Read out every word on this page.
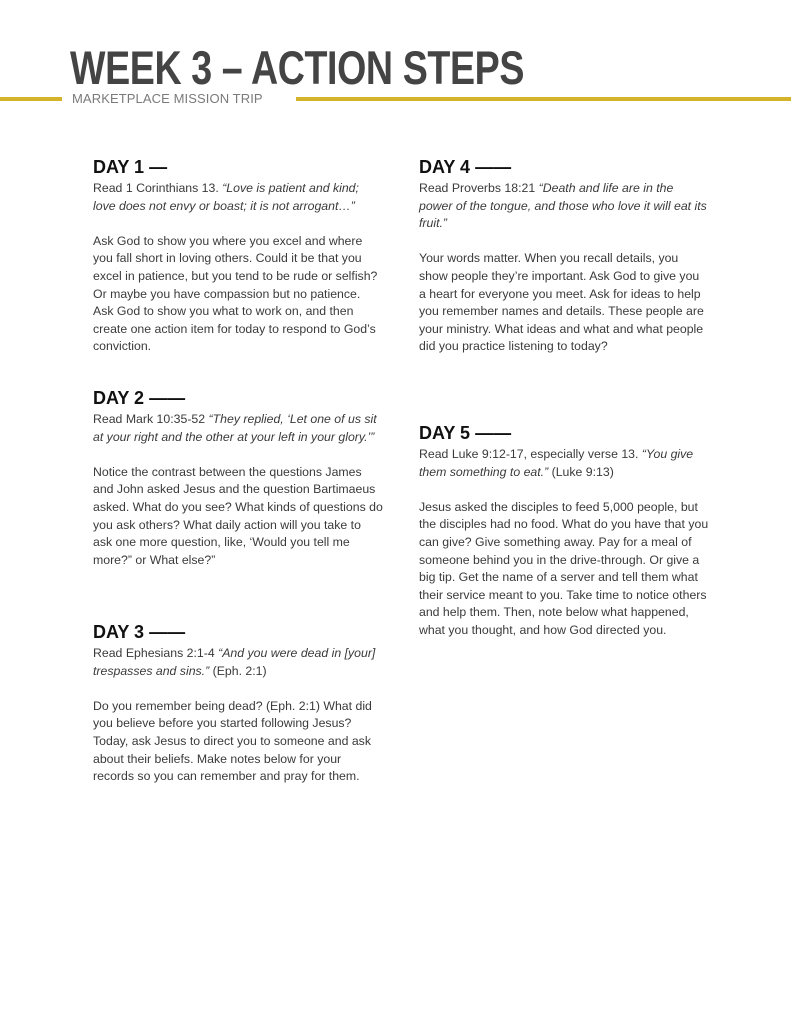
WEEK 3 – ACTION STEPS
MARKETPLACE MISSION TRIP
DAY 1 —

Read 1 Corinthians 13. “Love is patient and kind; love does not envy or boast; it is not arrogant…”

Ask God to show you where you excel and where you fall short in loving others. Could it be that you excel in patience, but you tend to be rude or selfish? Or maybe you have compassion but no patience. Ask God to show you what to work on, and then create one action item for today to respond to God’s conviction.

DAY 2 ——

Read Mark 10:35-52 “They replied, ‘Let one of us sit at your right and the other at your left in your glory.’”

Notice the contrast between the questions James and John asked Jesus and the question Bartimaeus asked. What do you see? What kinds of questions do you ask others? What daily action will you take to ask one more question, like, ‘Would you tell me more?” or What else?”

DAY 3 ——

Read Ephesians 2:1-4 “And you were dead in [your] trespasses and sins.” (Eph. 2:1)

Do you remember being dead? (Eph. 2:1) What did you believe before you started following Jesus? Today, ask Jesus to direct you to someone and ask about their beliefs. Make notes below for your records so you can remember and pray for them.

DAY 4 ——

Read Proverbs 18:21 “Death and life are in the power of the tongue, and those who love it will eat its fruit.”

Your words matter. When you recall details, you show people they’re important. Ask God to give you a heart for everyone you meet. Ask for ideas to help you remember names and details. These people are your ministry. What ideas and what and what people did you practice listening to today?

DAY 5 ——

Read Luke 9:12-17, especially verse 13. “You give them something to eat.” (Luke 9:13)

Jesus asked the disciples to feed 5,000 people, but the disciples had no food. What do you have that you can give? Give something away. Pay for a meal of someone behind you in the drive-through. Or give a big tip. Get the name of a server and tell them what their service meant to you. Take time to notice others and help them. Then, note below what happened, what you thought, and how God directed you.
